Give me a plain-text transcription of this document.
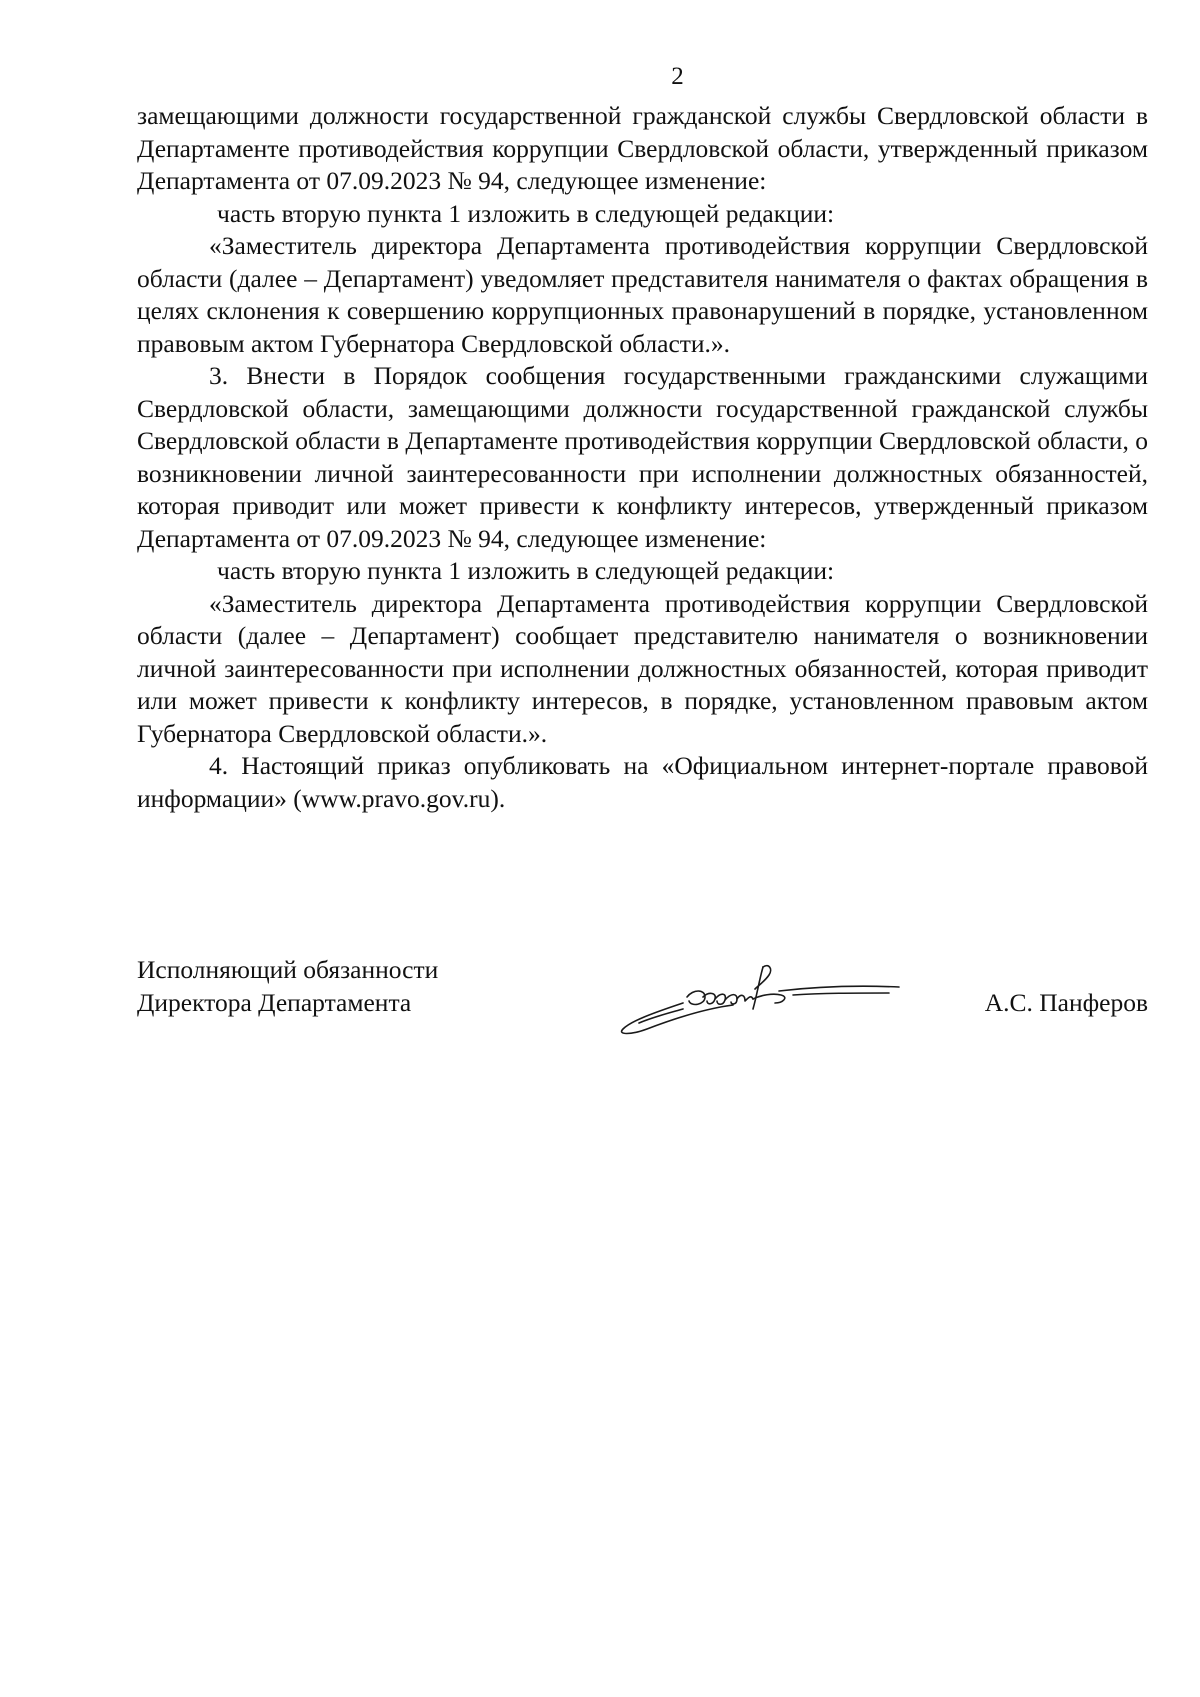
2

замещающими должности государственной гражданской службы Свердловской области в Департаменте противодействия коррупции Свердловской области, утвержденный приказом Департамента от 07.09.2023 № 94, следующее изменение:

часть вторую пункта 1 изложить в следующей редакции:

«Заместитель директора Департамента противодействия коррупции Свердловской области (далее – Департамент) уведомляет представителя нанимателя о фактах обращения в целях склонения к совершению коррупционных правонарушений в порядке, установленном правовым актом Губернатора Свердловской области.».

3. Внести в Порядок сообщения государственными гражданскими служащими Свердловской области, замещающими должности государственной гражданской службы Свердловской области в Департаменте противодействия коррупции Свердловской области, о возникновении личной заинтересованности при исполнении должностных обязанностей, которая приводит или может привести к конфликту интересов, утвержденный приказом Департамента от 07.09.2023 № 94, следующее изменение:

часть вторую пункта 1 изложить в следующей редакции:

«Заместитель директора Департамента противодействия коррупции Свердловской области (далее – Департамент) сообщает представителю нанимателя о возникновении личной заинтересованности при исполнении должностных обязанностей, которая приводит или может привести к конфликту интересов, в порядке, установленном правовым актом Губернатора Свердловской области.».

4. Настоящий приказ опубликовать на «Официальном интернет-портале правовой информации» (www.pravo.gov.ru).

Исполняющий обязанности
Директора Департамента	А.С. Панферов
